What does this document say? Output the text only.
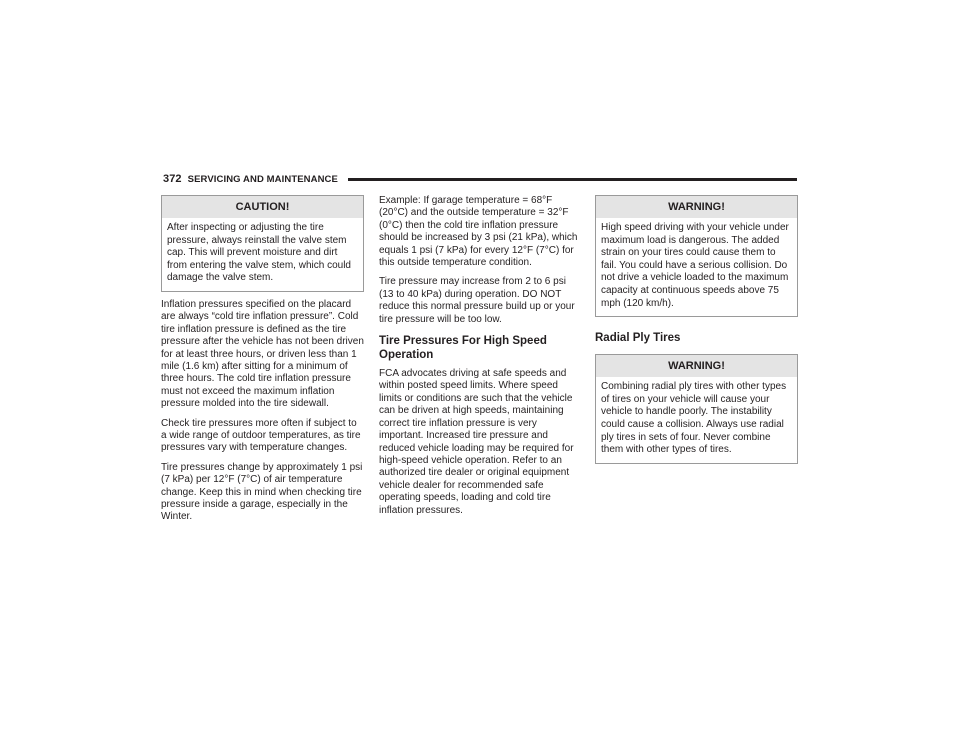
372 SERVICING AND MAINTENANCE
CAUTION!
After inspecting or adjusting the tire pressure, always reinstall the valve stem cap. This will prevent moisture and dirt from entering the valve stem, which could damage the valve stem.

Inflation pressures specified on the placard are always “cold tire inflation pressure”. Cold tire inflation pressure is defined as the tire pressure after the vehicle has not been driven for at least three hours, or driven less than 1 mile (1.6 km) after sitting for a minimum of three hours. The cold tire inflation pressure must not exceed the maximum inflation pressure molded into the tire sidewall.

Check tire pressures more often if subject to a wide range of outdoor temperatures, as tire pressures vary with temperature changes.

Tire pressures change by approximately 1 psi (7 kPa) per 12°F (7°C) of air temperature change. Keep this in mind when checking tire pressure inside a garage, especially in the Winter.

Example: If garage temperature = 68°F (20°C) and the outside temperature = 32°F (0°C) then the cold tire inflation pressure should be increased by 3 psi (21 kPa), which equals 1 psi (7 kPa) for every 12°F (7°C) for this outside temperature condition.

Tire pressure may increase from 2 to 6 psi (13 to 40 kPa) during operation. DO NOT reduce this normal pressure build up or your tire pressure will be too low.

Tire Pressures For High Speed Operation

FCA advocates driving at safe speeds and within posted speed limits. Where speed limits or conditions are such that the vehicle can be driven at high speeds, maintaining correct tire inflation pressure is very important. Increased tire pressure and reduced vehicle loading may be required for high-speed vehicle operation. Refer to an authorized tire dealer or original equipment vehicle dealer for recommended safe operating speeds, loading and cold tire inflation pressures.

WARNING!
High speed driving with your vehicle under maximum load is dangerous. The added strain on your tires could cause them to fail. You could have a serious collision. Do not drive a vehicle loaded to the maximum capacity at continuous speeds above 75 mph (120 km/h).
Radial Ply Tires
WARNING!
Combining radial ply tires with other types of tires on your vehicle will cause your vehicle to handle poorly. The instability could cause a collision. Always use radial ply tires in sets of four. Never combine them with other types of tires.
